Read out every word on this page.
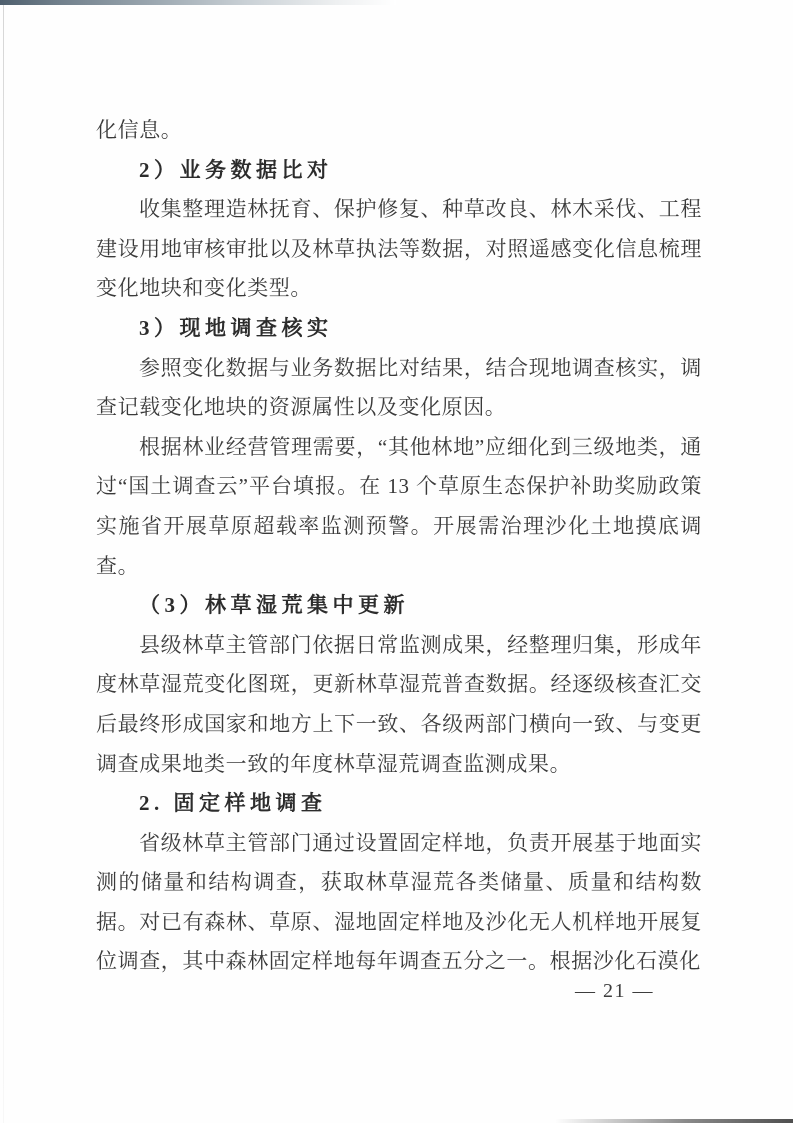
化信息。

2）业务数据比对

收集整理造林抚育、保护修复、种草改良、林木采伐、工程建设用地审核审批以及林草执法等数据，对照遥感变化信息梳理变化地块和变化类型。

3）现地调查核实

参照变化数据与业务数据比对结果，结合现地调查核实，调查记载变化地块的资源属性以及变化原因。

根据林业经营管理需要，“其他林地”应细化到三级地类，通过“国土调查云”平台填报。在 13 个草原生态保护补助奖励政策实施省开展草原超载率监测预警。开展需治理沙化土地摸底调查。

（3）林草湿荒集中更新

县级林草主管部门依据日常监测成果，经整理归集，形成年度林草湿荒变化图斑，更新林草湿荒普查数据。经逐级核查汇交后最终形成国家和地方上下一致、各级两部门横向一致、与变更调查成果地类一致的年度林草湿荒调查监测成果。

2. 固定样地调查

省级林草主管部门通过设置固定样地，负责开展基于地面实测的储量和结构调查，获取林草湿荒各类储量、质量和结构数据。对已有森林、草原、湿地固定样地及沙化无人机样地开展复位调查，其中森林固定样地每年调查五分之一。根据沙化石漠化

— 21 —
